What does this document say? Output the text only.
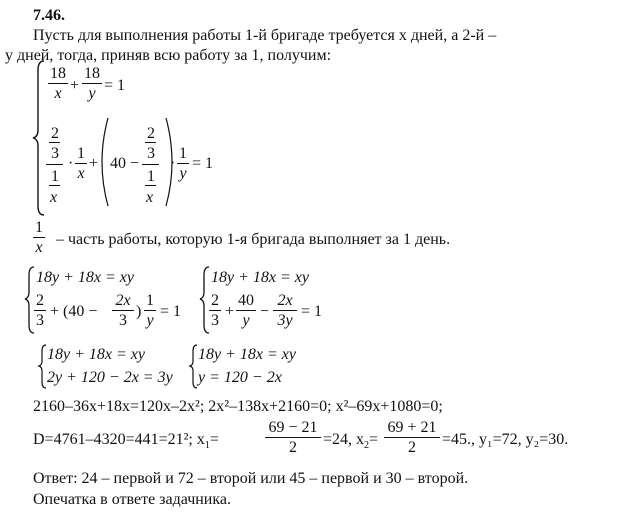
7.46.
Пусть для выполнения работы 1-й бригаде требуется x дней, а 2-й –
y дней, тогда, приняв всю работу за 1, получим:
$\frac{18}{x} + \frac{18}{y} = 1$
2
3
1
x
· $\frac{1}{x} + 40$ −
2
3
1
x
· $\frac{1}{y} = 1$
$\frac{1}{x}$ – часть работы, которую 1-я бригада выполняет за 1 день.
18y + 18x = xy
$\frac{2}{3} + (40 - \frac{2x}{3}$ ) $\frac{1}{y} = 1$
18y + 18x = xy
$\frac{2}{3} + \frac{40}{y} - \frac{2x}{3y} = 1$
18y + 18x = xy
2y + 120 − 2x = 3y
18y + 18x = xy
y = 120 − 2x
2160–36x+18x=120x–2x²; 2x²–138x+2160=0; x²–69x+1080=0;
D=4761–4320=441=21²; $x_1=$	$\frac{69 - 21}{2} =24$, $x_2= \frac{69 + 21}{2} =45$., y₁=72, y₂=30.
Ответ: 24 – первой и 72 – второй или 45 – первой и 30 – второй.
Опечатка в ответе задачника.
